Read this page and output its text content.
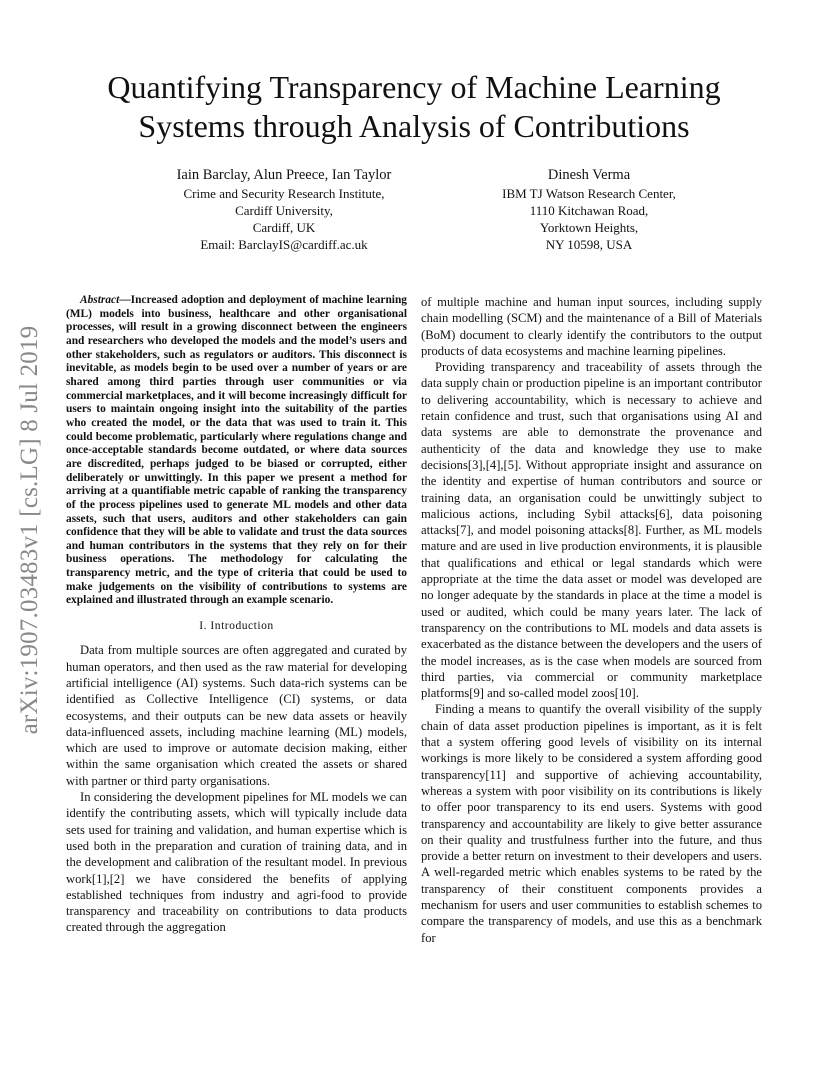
arXiv:1907.03483v1 [cs.LG] 8 Jul 2019
Quantifying Transparency of Machine Learning
Systems through Analysis of Contributions
Iain Barclay, Alun Preece, Ian Taylor
Crime and Security Research Institute,
Cardiff University,
Cardiff, UK
Email: BarclayIS@cardiff.ac.uk
Dinesh Verma
IBM TJ Watson Research Center,
1110 Kitchawan Road,
Yorktown Heights,
NY 10598, USA

Abstract—Increased adoption and deployment of machine learning (ML) models into business, healthcare and other organisational processes, will result in a growing disconnect between the engineers and researchers who developed the models and the model’s users and other stakeholders, such as regulators or auditors. This disconnect is inevitable, as models begin to be used over a number of years or are shared among third parties through user communities or via commercial marketplaces, and it will become increasingly difficult for users to maintain ongoing insight into the suitability of the parties who created the model, or the data that was used to train it. This could become problematic, particularly where regulations change and once-acceptable standards become outdated, or where data sources are discredited, perhaps judged to be biased or corrupted, either deliberately or unwittingly. In this paper we present a method for arriving at a quantifiable metric capable of ranking the transparency of the process pipelines used to generate ML models and other data assets, such that users, auditors and other stakeholders can gain confidence that they will be able to validate and trust the data sources and human contributors in the systems that they rely on for their business operations. The methodology for calculating the transparency metric, and the type of criteria that could be used to make judgements on the visibility of contributions to systems are explained and illustrated through an example scenario.

I. Introduction

Data from multiple sources are often aggregated and curated by human operators, and then used as the raw material for developing artificial intelligence (AI) systems. Such data-rich systems can be identified as Collective Intelligence (CI) systems, or data ecosystems, and their outputs can be new data assets or heavily data-influenced assets, including machine learning (ML) models, which are used to improve or automate decision making, either within the same organisation which created the assets or shared with partner or third party organisations.

In considering the development pipelines for ML models we can identify the contributing assets, which will typically include data sets used for training and validation, and human expertise which is used both in the preparation and curation of training data, and in the development and calibration of the resultant model. In previous work[1],[2] we have considered the benefits of applying established techniques from industry and agri-food to provide transparency and traceability on contributions to data products created through the aggregation

of multiple machine and human input sources, including supply chain modelling (SCM) and the maintenance of a Bill of Materials (BoM) document to clearly identify the contributors to the output products of data ecosystems and machine learning pipelines.

Providing transparency and traceability of assets through the data supply chain or production pipeline is an important contributor to delivering accountability, which is necessary to achieve and retain confidence and trust, such that organisations using AI and data systems are able to demonstrate the provenance and authenticity of the data and knowledge they use to make decisions[3],[4],[5]. Without appropriate insight and assurance on the identity and expertise of human contributors and source or training data, an organisation could be unwittingly subject to malicious actions, including Sybil attacks[6], data poisoning attacks[7], and model poisoning attacks[8]. Further, as ML models mature and are used in live production environments, it is plausible that qualifications and ethical or legal standards which were appropriate at the time the data asset or model was developed are no longer adequate by the standards in place at the time a model is used or audited, which could be many years later. The lack of transparency on the contributions to ML models and data assets is exacerbated as the distance between the developers and the users of the model increases, as is the case when models are sourced from third parties, via commercial or community marketplace platforms[9] and so-called model zoos[10].

Finding a means to quantify the overall visibility of the supply chain of data asset production pipelines is important, as it is felt that a system offering good levels of visibility on its internal workings is more likely to be considered a system affording good transparency[11] and supportive of achieving accountability, whereas a system with poor visibility on its contributions is likely to offer poor transparency to its end users. Systems with good transparency and accountability are likely to give better assurance on their quality and trustfulness further into the future, and thus provide a better return on investment to their developers and users. A well-regarded metric which enables systems to be rated by the transparency of their constituent components provides a mechanism for users and user communities to establish schemes to compare the transparency of models, and use this as a benchmark for
